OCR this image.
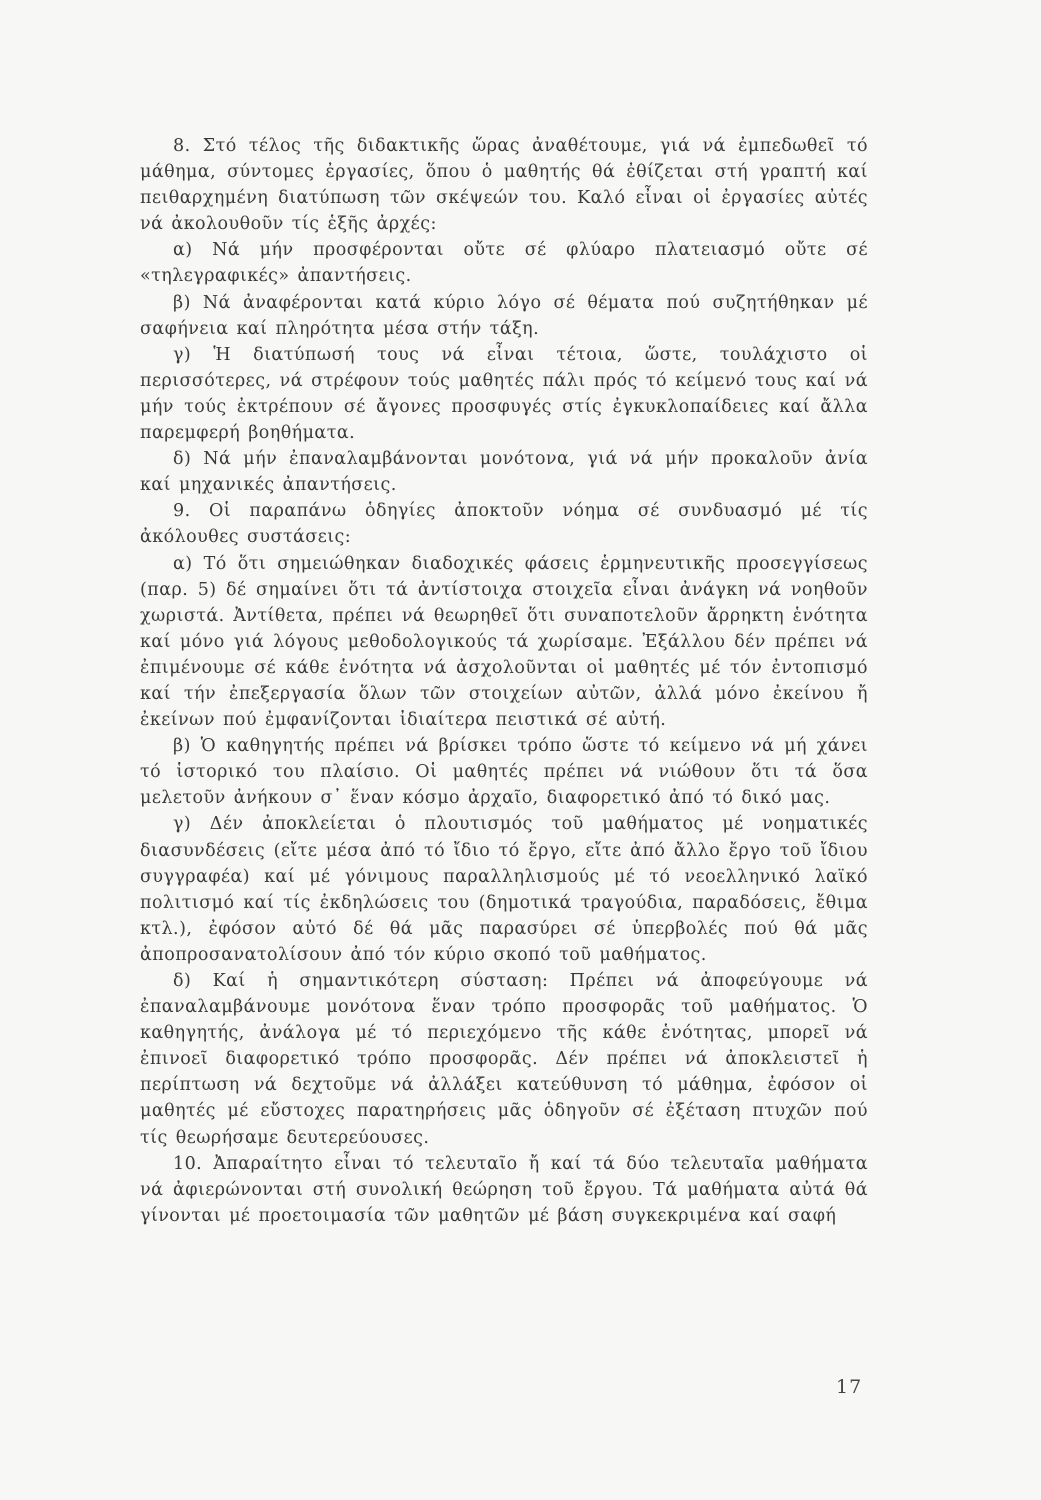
8. Στό τέλος τῆς διδακτικῆς ὥρας ἀναθέτουμε, γιά νά ἐμπεδωθεῖ τό μάθημα, σύντομες ἐργασίες, ὅπου ὁ μαθητής θά ἐθίζεται στή γραπτή καί πειθαρχημένη διατύπωση τῶν σκέψεών του. Καλό εἶναι οἱ ἐργασίες αὐτές νά ἀκολουθοῦν τίς ἑξῆς ἀρχές:

α) Νά μήν προσφέρονται οὔτε σέ φλύαρο πλατειασμό οὔτε σέ «τηλεγραφικές» ἀπαντήσεις.

β) Νά ἀναφέρονται κατά κύριο λόγο σέ θέματα πού συζητήθηκαν μέ σαφήνεια καί πληρότητα μέσα στήν τάξη.

γ) Ἡ διατύπωσή τους νά εἶναι τέτοια, ὥστε, τουλάχιστο οἱ περισσότερες, νά στρέφουν τούς μαθητές πάλι πρός τό κείμενό τους καί νά μήν τούς ἐκτρέπουν σέ ἄγονες προσφυγές στίς ἐγκυκλοπαίδειες καί ἄλλα παρεμφερή βοηθήματα.

δ) Νά μήν ἐπαναλαμβάνονται μονότονα, γιά νά μήν προκαλοῦν ἀνία καί μηχανικές ἀπαντήσεις.

9. Οἱ παραπάνω ὁδηγίες ἀποκτοῦν νόημα σέ συνδυασμό μέ τίς ἀκόλουθες συστάσεις:

α) Τό ὅτι σημειώθηκαν διαδοχικές φάσεις ἑρμηνευτικῆς προσεγγίσεως (παρ. 5) δέ σημαίνει ὅτι τά ἀντίστοιχα στοιχεῖα εἶναι ἀνάγκη νά νοηθοῦν χωριστά. Ἀντίθετα, πρέπει νά θεωρηθεῖ ὅτι συναποτελοῦν ἄρρηκτη ἑνότητα καί μόνο γιά λόγους μεθοδολογικούς τά χωρίσαμε. Ἐξάλλου δέν πρέπει νά ἐπιμένουμε σέ κάθε ἑνότητα νά ἀσχολοῦνται οἱ μαθητές μέ τόν ἐντοπισμό καί τήν ἐπεξεργασία ὅλων τῶν στοιχείων αὐτῶν, ἀλλά μόνο ἐκείνου ἤ ἐκείνων πού ἐμφανίζονται ἰδιαίτερα πειστικά σέ αὐτή.

β) Ὁ καθηγητής πρέπει νά βρίσκει τρόπο ὥστε τό κείμενο νά μή χάνει τό ἱστορικό του πλαίσιο. Οἱ μαθητές πρέπει νά νιώθουν ὅτι τά ὅσα μελετοῦν ἀνήκουν σ᾽ ἕναν κόσμο ἀρχαῖο, διαφορετικό ἀπό τό δικό μας.

γ) Δέν ἀποκλείεται ὁ πλουτισμός τοῦ μαθήματος μέ νοηματικές διασυνδέσεις (εἴτε μέσα ἀπό τό ἴδιο τό ἔργο, εἴτε ἀπό ἄλλο ἔργο τοῦ ἴδιου συγγραφέα) καί μέ γόνιμους παραλληλισμούς μέ τό νεοελληνικό λαϊκό πολιτισμό καί τίς ἐκδηλώσεις του (δημοτικά τραγούδια, παραδόσεις, ἔθιμα κτλ.), ἐφόσον αὐτό δέ θά μᾶς παρασύρει σέ ὑπερβολές πού θά μᾶς ἀποπροσανατολίσουν ἀπό τόν κύριο σκοπό τοῦ μαθήματος.

δ) Καί ἡ σημαντικότερη σύσταση: Πρέπει νά ἀποφεύγουμε νά ἐπαναλαμβάνουμε μονότονα ἕναν τρόπο προσφορᾶς τοῦ μαθήματος. Ὁ καθηγητής, ἀνάλογα μέ τό περιεχόμενο τῆς κάθε ἑνότητας, μπορεῖ νά ἐπινοεῖ διαφορετικό τρόπο προσφορᾶς. Δέν πρέπει νά ἀποκλειστεῖ ἡ περίπτωση νά δεχτοῦμε νά ἀλλάξει κατεύθυνση τό μάθημα, ἐφόσον οἱ μαθητές μέ εὔστοχες παρατηρήσεις μᾶς ὁδηγοῦν σέ ἐξέταση πτυχῶν πού τίς θεωρήσαμε δευτερεύουσες.

10. Ἀπαραίτητο εἶναι τό τελευταῖο ἤ καί τά δύο τελευταῖα μαθήματα νά ἀφιερώνονται στή συνολική θεώρηση τοῦ ἔργου. Τά μαθήματα αὐτά θά γίνονται μέ προετοιμασία τῶν μαθητῶν μέ βάση συγκεκριμένα καί σαφή

17
